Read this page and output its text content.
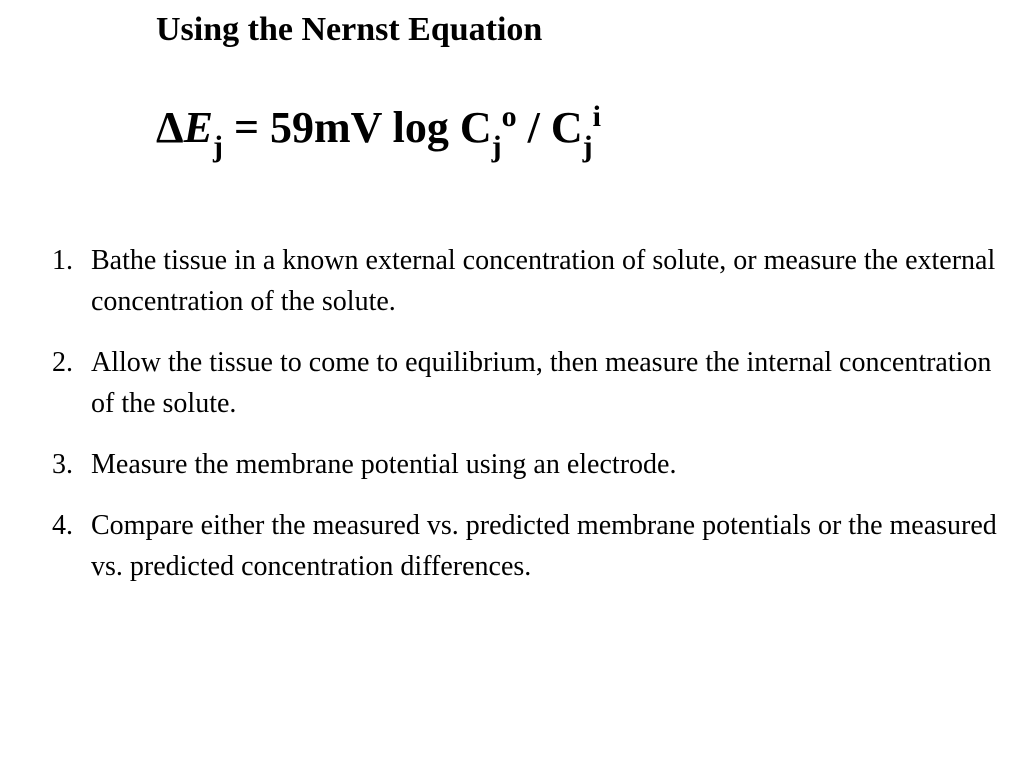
Using the Nernst Equation
$\Delta E_j = 59mV$ $\log C_j^o / C_j^i$
1. Bathe tissue in a known external concentration of solute, or measure the external concentration of the solute.
2. Allow the tissue to come to equilibrium, then measure the internal concentration of the solute.
3. Measure the membrane potential using an electrode.
4. Compare either the measured vs. predicted membrane potentials or the measured vs. predicted concentration differences.
